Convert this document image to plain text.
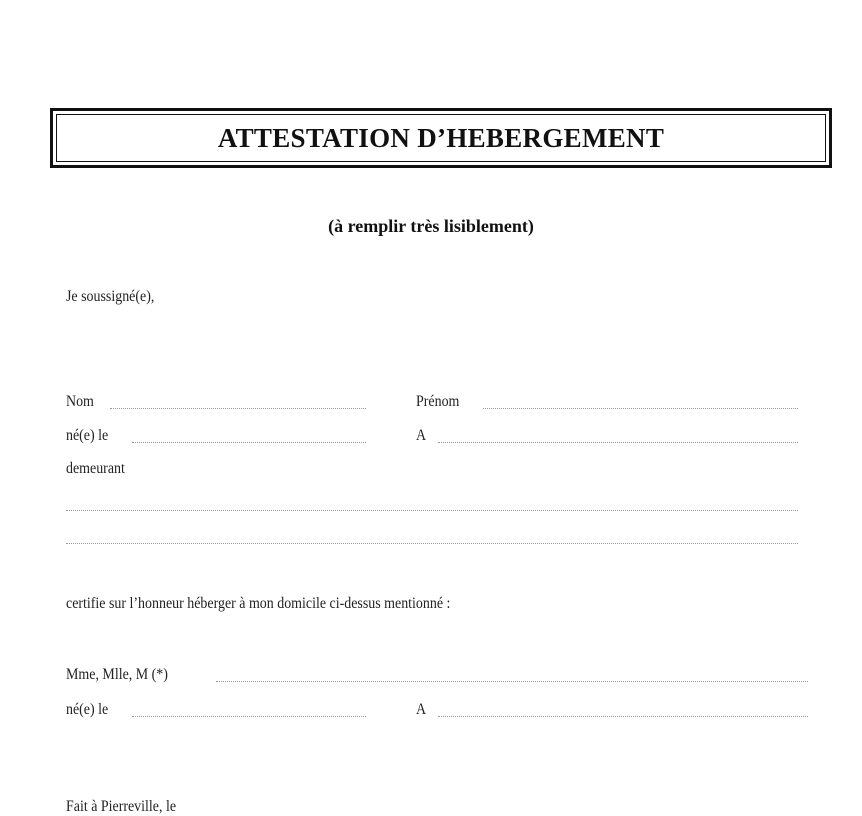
ATTESTATION D’HEBERGEMENT
(à remplir très lisiblement)
Je soussigné(e),
Nom	Prénom
né(e) le	A
demeurant
certifie sur l’honneur héberger à mon domicile ci-dessus mentionné :
Mme, Mlle, M (*)
né(e) le	A
Fait à Pierreville, le
